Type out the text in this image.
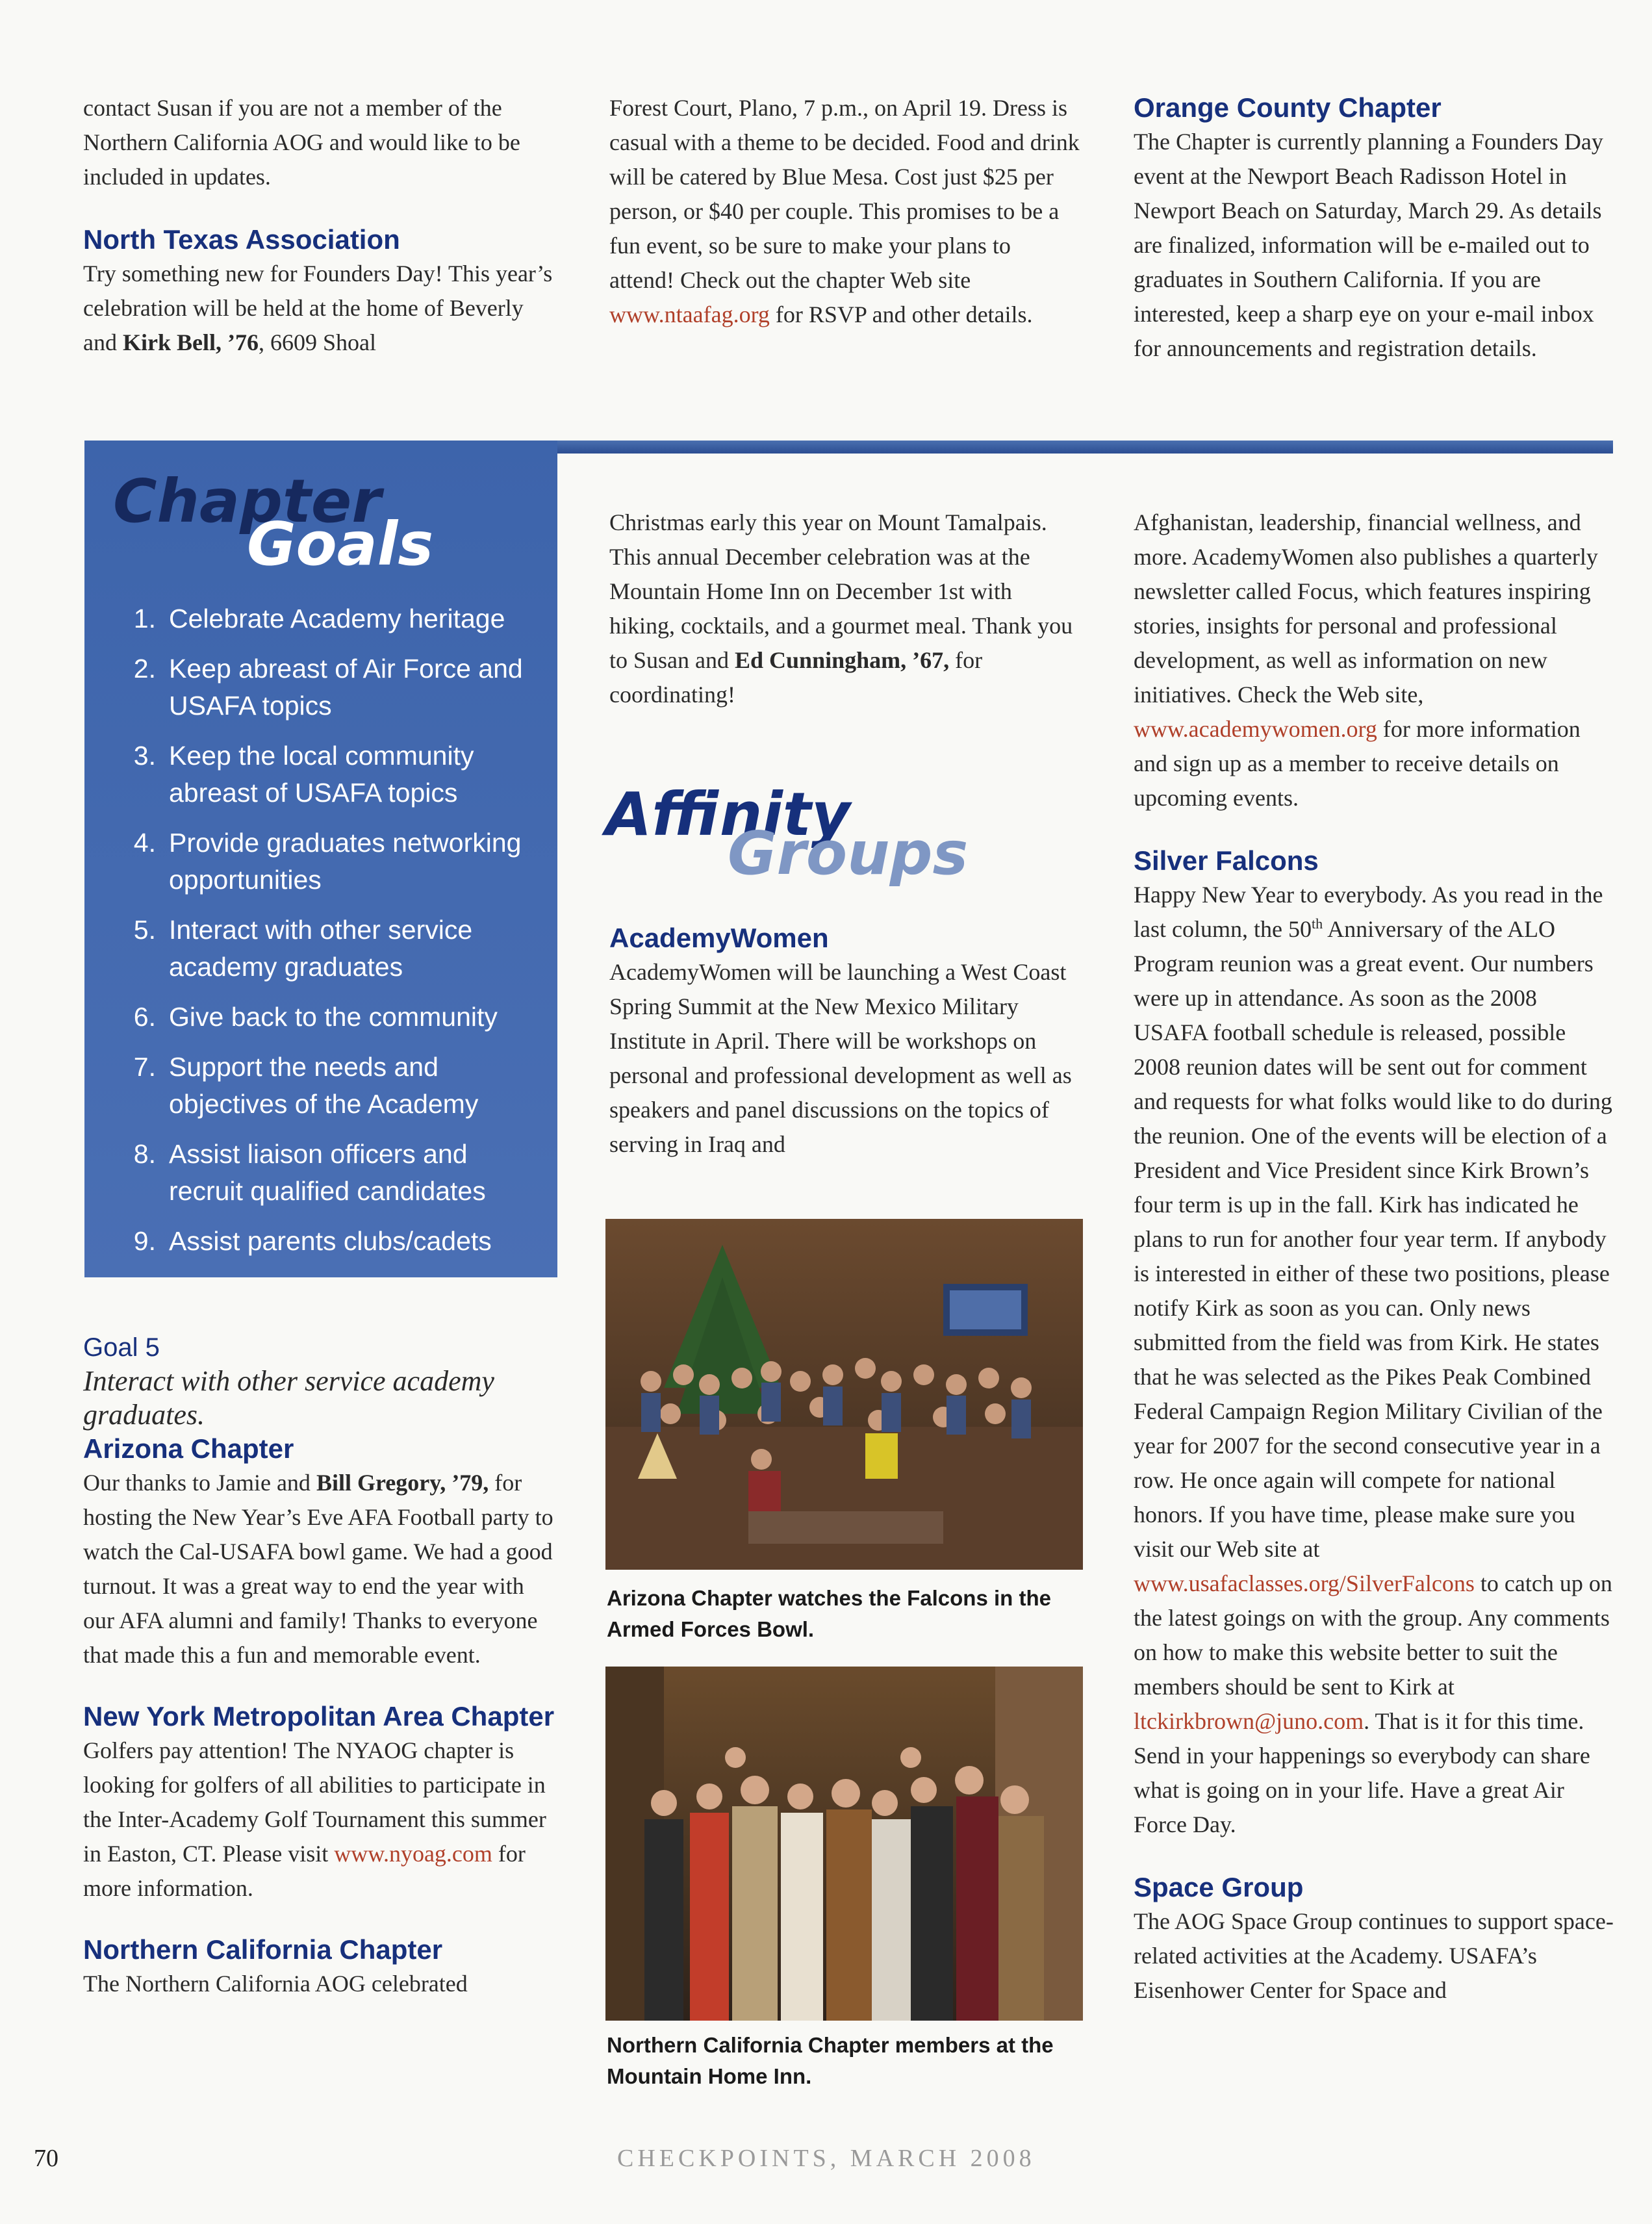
contact Susan if you are not a member of the Northern California AOG and would like to be included in updates.

North Texas Association

Try something new for Founders Day! This year’s celebration will be held at the home of Beverly and Kirk Bell, ’76, 6609 Shoal

Forest Court, Plano, 7 p.m., on April 19. Dress is casual with a theme to be decided. Food and drink will be catered by Blue Mesa. Cost just $25 per person, or $40 per couple. This promises to be a fun event, so be sure to make your plans to attend! Check out the chapter Web site www.ntaafag.org for RSVP and other details.

Orange County Chapter

The Chapter is currently planning a Founders Day event at the Newport Beach Radisson Hotel in Newport Beach on Saturday, March 29. As details are finalized, information will be e-mailed out to graduates in Southern California. If you are interested, keep a sharp eye on your e-mail inbox for announcements and registration details.

Chapter
Goals
1. Celebrate Academy heritage
2. Keep abreast of Air Force and USAFA topics
3. Keep the local community abreast of USAFA topics
4. Provide graduates networking opportunities
5. Interact with other service academy graduates
6. Give back to the community
7. Support the needs and objectives of the Academy
8. Assist liaison officers and recruit qualified candidates
9. Assist parents clubs/cadets
Goal 5
Interact with other service academy graduates.
Arizona Chapter

Our thanks to Jamie and Bill Gregory, ’79, for hosting the New Year’s Eve AFA Football party to watch the Cal-USAFA bowl game. We had a good turnout. It was a great way to end the year with our AFA alumni and family! Thanks to everyone that made this a fun and memorable event.

New York Metropolitan Area Chapter

Golfers pay attention! The NYAOG chapter is looking for golfers of all abilities to participate in the Inter-Academy Golf Tournament this summer in Easton, CT. Please visit www.nyoag.com for more information.

Northern California Chapter

The Northern California AOG celebrated

Christmas early this year on Mount Tamalpais. This annual December celebration was at the Mountain Home Inn on December 1st with hiking, cocktails, and a gourmet meal. Thank you to Susan and Ed Cunningham, ’67, for coordinating!

Affinity
Groups
AcademyWomen

AcademyWomen will be launching a West Coast Spring Summit at the New Mexico Military Institute in April. There will be workshops on personal and professional development as well as speakers and panel discussions on the topics of serving in Iraq and

Arizona Chapter watches the Falcons in the Armed Forces Bowl.
Northern California Chapter members at the Mountain Home Inn.

Afghanistan, leadership, financial wellness, and more. AcademyWomen also publishes a quarterly newsletter called Focus, which features inspiring stories, insights for personal and professional development, as well as information on new initiatives. Check the Web site, www.academywomen.org for more information and sign up as a member to receive details on upcoming events.

Silver Falcons

Happy New Year to everybody. As you read in the last column, the 50th Anniversary of the ALO Program reunion was a great event. Our numbers were up in attendance. As soon as the 2008 USAFA football schedule is released, possible 2008 reunion dates will be sent out for comment and requests for what folks would like to do during the reunion. One of the events will be election of a President and Vice President since Kirk Brown’s four term is up in the fall. Kirk has indicated he plans to run for another four year term. If anybody is interested in either of these two positions, please notify Kirk as soon as you can. Only news submitted from the field was from Kirk. He states that he was selected as the Pikes Peak Combined Federal Campaign Region Military Civilian of the year for 2007 for the second consecutive year in a row. He once again will compete for national honors. If you have time, please make sure you visit our Web site at www.usafaclasses.org/SilverFalcons to catch up on the latest goings on with the group. Any comments on how to make this website better to suit the members should be sent to Kirk at ltckirkbrown@juno.com. That is it for this time. Send in your happenings so everybody can share what is going on in your life. Have a great Air Force Day.

Space Group

The AOG Space Group continues to support space-related activities at the Academy. USAFA’s Eisenhower Center for Space and

70	CHECKPOINTS, MARCH 2008
